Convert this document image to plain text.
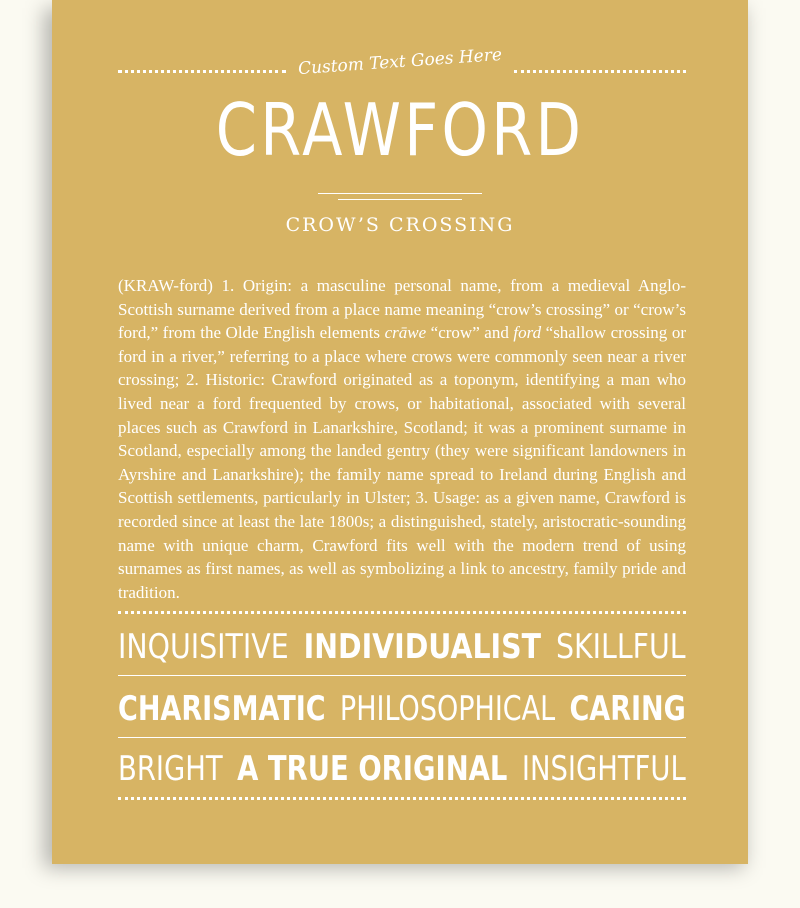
Custom Text Goes Here
CRAWFORD
CROW’S CROSSING
(KRAW-ford) 1. Origin: a masculine personal name, from a medieval Anglo-Scottish surname derived from a place name meaning “crow’s crossing” or “crow’s ford,” from the Olde English elements crāwe “crow” and ford “shallow crossing or ford in a river,” referring to a place where crows were commonly seen near a river crossing; 2. Historic: Crawford originated as a toponym, identifying a man who lived near a ford frequented by crows, or habitational, associated with several places such as Crawford in Lanarkshire, Scotland; it was a prominent surname in Scotland, especially among the landed gentry (they were significant landowners in Ayrshire and Lanarkshire); the family name spread to Ireland during English and Scottish settlements, particularly in Ulster; 3. Usage: as a given name, Crawford is recorded since at least the late 1800s; a distinguished, stately, aristocratic-sounding name with unique charm, Crawford fits well with the modern trend of using surnames as first names, as well as symbolizing a link to ancestry, family pride and tradition.
INQUISITIVE INDIVIDUALIST SKILLFUL
CHARISMATIC PHILOSOPHICAL CARING
BRIGHT A TRUE ORIGINAL INSIGHTFUL
